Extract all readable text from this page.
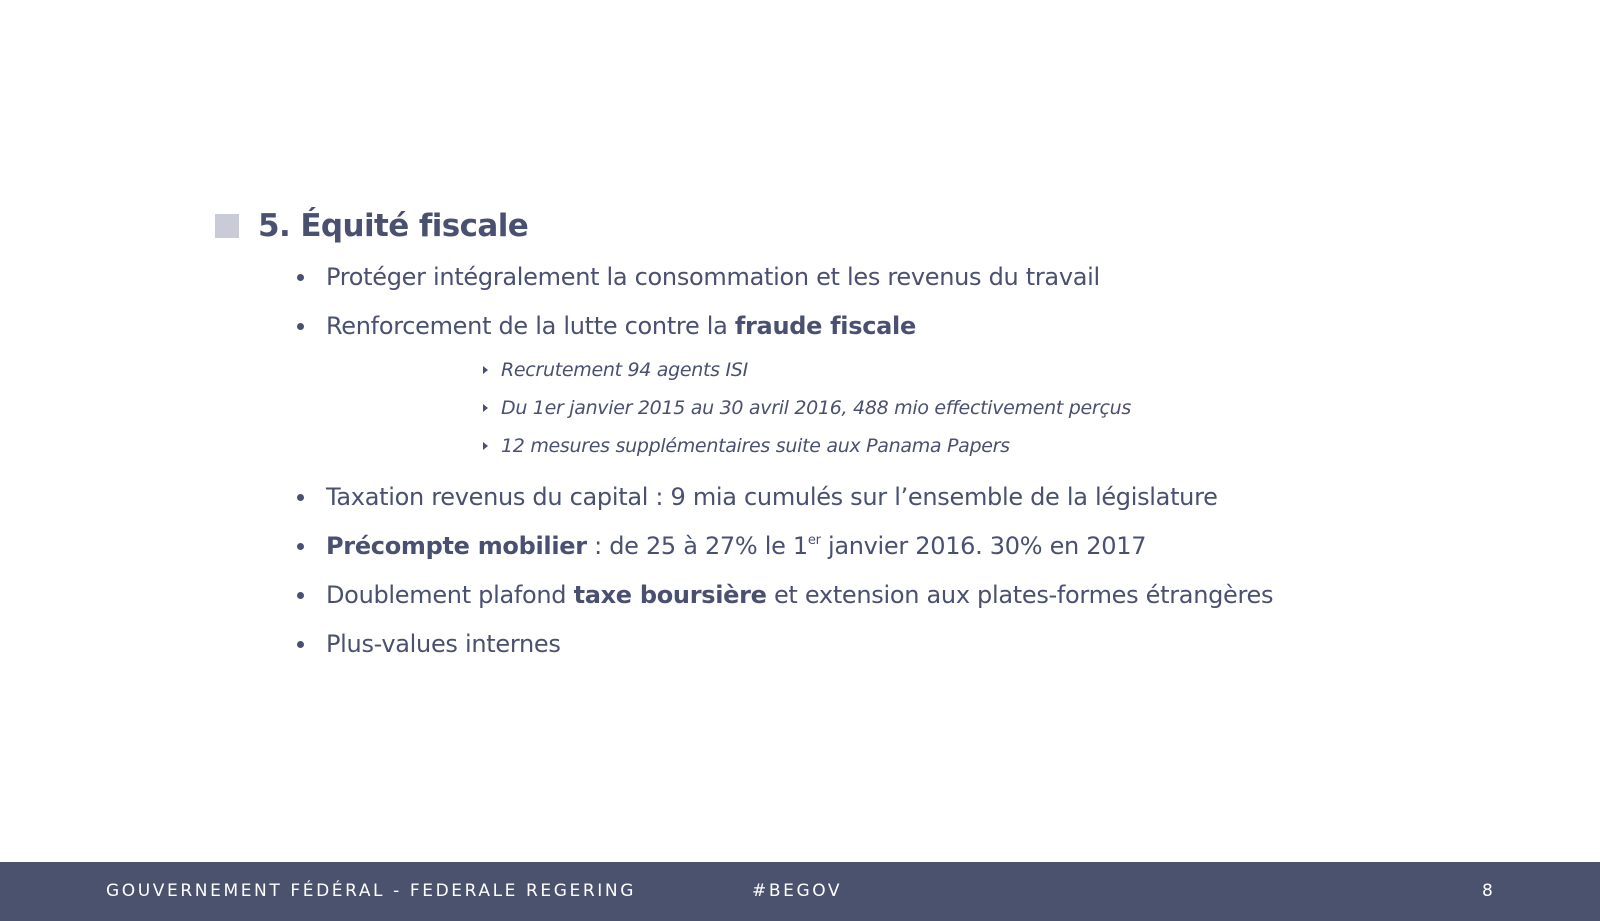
5. Équité fiscale
Protéger intégralement la consommation et les revenus du travail
Renforcement de la lutte contre la fraude fiscale
Recrutement 94 agents ISI
Du 1er janvier 2015 au 30 avril 2016, 488 mio effectivement perçus
12 mesures supplémentaires suite aux Panama Papers
Taxation revenus du capital : 9 mia cumulés sur l’ensemble de la législature
Précompte mobilier : de 25 à 27% le 1er janvier 2016. 30% en 2017
Doublement plafond taxe boursière et extension aux plates-formes étrangères
Plus-values internes
GOUVERNEMENT FÉDÉRAL - FEDERALE REGERING	#BEGOV	8
